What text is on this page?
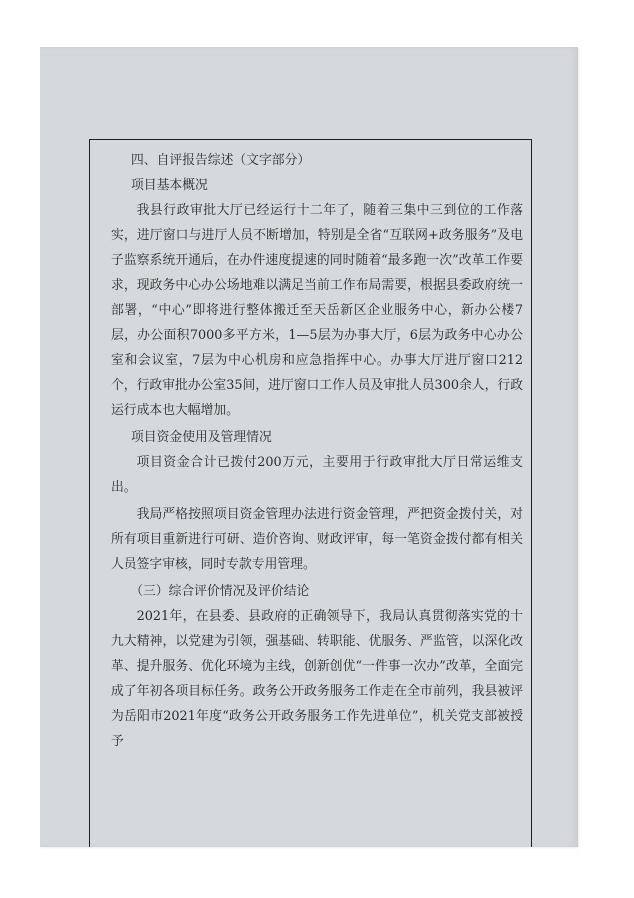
四、自评报告综述（文字部分）

项目基本概况

我县行政审批大厅已经运行十二年了，随着三集中三到位的工作落实，进厅窗口与进厅人员不断增加，特别是全省“互联网+政务服务”及电子监察系统开通后，在办件速度提速的同时随着“最多跑一次”改革工作要求，现政务中心办公场地难以满足当前工作布局需要，根据县委政府统一部署，“中心”即将进行整体搬迁至天岳新区企业服务中心，新办公楼7层，办公面积7000多平方米，1—5层为办事大厅，6层为政务中心办公室和会议室，7层为中心机房和应急指挥中心。办事大厅进厅窗口212个，行政审批办公室35间，进厅窗口工作人员及审批人员300余人，行政运行成本也大幅增加。

项目资金使用及管理情况

项目资金合计已拨付200万元，主要用于行政审批大厅日常运维支出。

我局严格按照项目资金管理办法进行资金管理，严把资金拨付关，对所有项目重新进行可研、造价咨询、财政评审，每一笔资金拨付都有相关人员签字审核，同时专款专用管理。

（三）综合评价情况及评价结论

2021年，在县委、县政府的正确领导下，我局认真贯彻落实党的十九大精神，以党建为引领，强基础、转职能、优服务、严监管，以深化改革、提升服务、优化环境为主线，创新创优“一件事一次办”改革，全面完成了年初各项目标任务。政务公开政务服务工作走在全市前列，我县被评为岳阳市2021年度“政务公开政务服务工作先进单位”，机关党支部被授予
